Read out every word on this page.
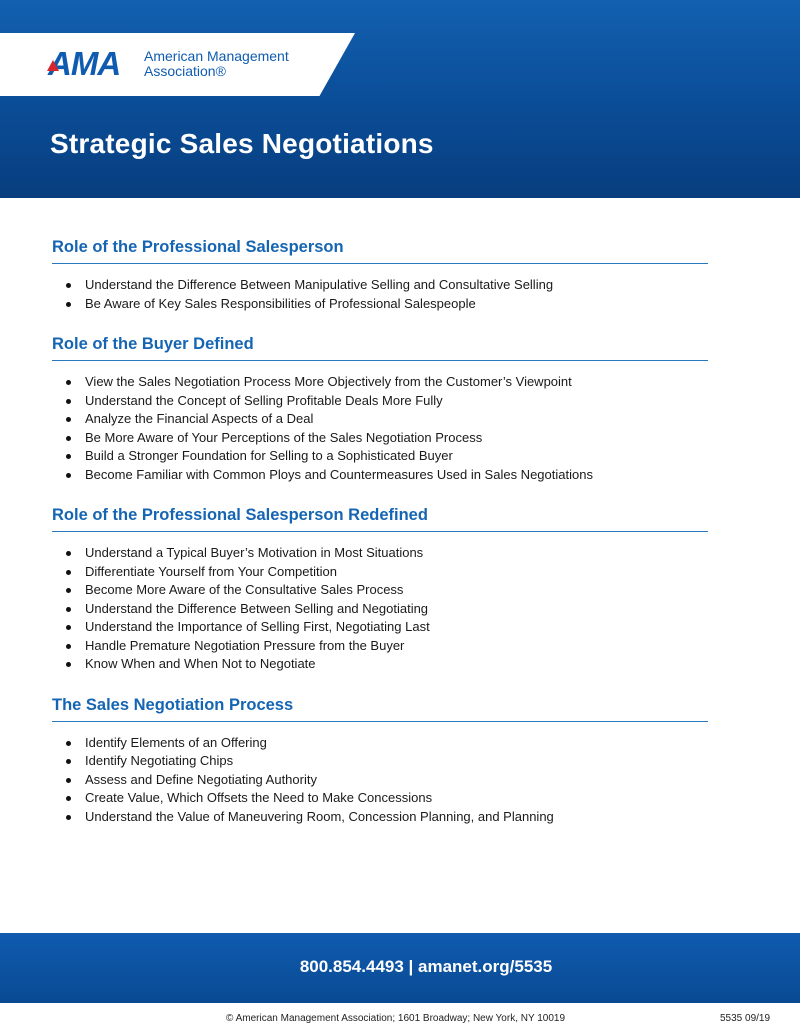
AMA American Management
Association®
Strategic Sales Negotiations
Role of the Professional Salesperson
Understand the Difference Between Manipulative Selling and Consultative Selling
Be Aware of Key Sales Responsibilities of Professional Salespeople
Role of the Buyer Defined
View the Sales Negotiation Process More Objectively from the Customer’s Viewpoint
Understand the Concept of Selling Profitable Deals More Fully
Analyze the Financial Aspects of a Deal
Be More Aware of Your Perceptions of the Sales Negotiation Process
Build a Stronger Foundation for Selling to a Sophisticated Buyer
Become Familiar with Common Ploys and Countermeasures Used in Sales Negotiations
Role of the Professional Salesperson Redefined
Understand a Typical Buyer’s Motivation in Most Situations
Differentiate Yourself from Your Competition
Become More Aware of the Consultative Sales Process
Understand the Difference Between Selling and Negotiating
Understand the Importance of Selling First, Negotiating Last
Handle Premature Negotiation Pressure from the Buyer
Know When and When Not to Negotiate
The Sales Negotiation Process
Identify Elements of an Offering
Identify Negotiating Chips
Assess and Define Negotiating Authority
Create Value, Which Offsets the Need to Make Concessions
Understand the Value of Maneuvering Room, Concession Planning, and Planning
800.854.4493 | amanet.org/5535
© American Management Association; 1601 Broadway; New York, NY 10019	5535 09/19
